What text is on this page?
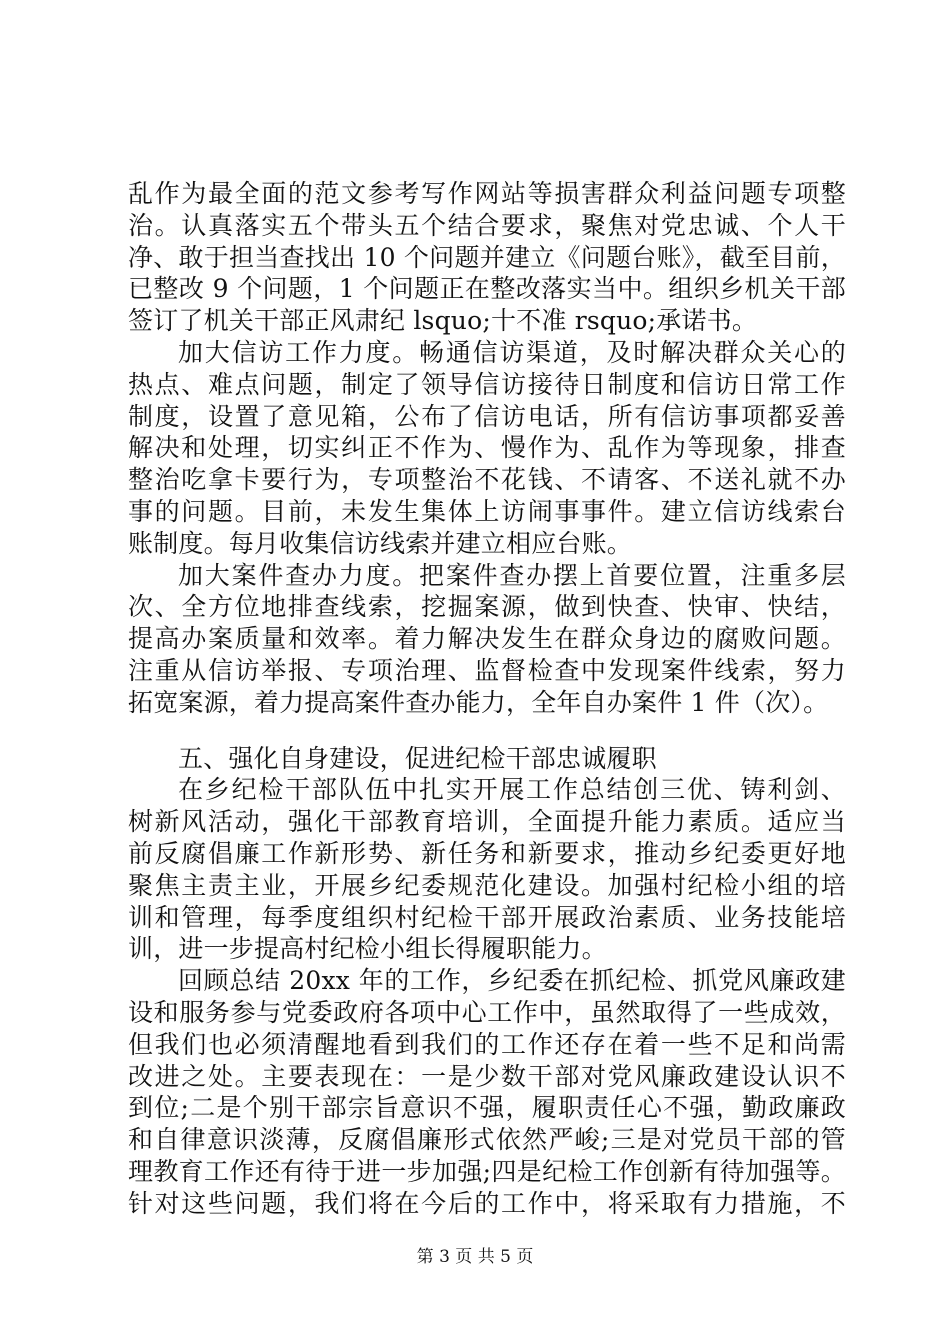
乱作为最全面的范文参考写作网站等损害群众利益问题专项整
治。认真落实五个带头五个结合要求，聚焦对党忠诚、个人干
净、敢于担当查找出 10 个问题并建立《问题台账》，截至目前，
已整改 9 个问题，1 个问题正在整改落实当中。组织乡机关干部
签订了机关干部正风肃纪 lsquo;十不准 rsquo;承诺书。
加大信访工作力度。畅通信访渠道，及时解决群众关心的
热点、难点问题，制定了领导信访接待日制度和信访日常工作
制度，设置了意见箱，公布了信访电话，所有信访事项都妥善
解决和处理，切实纠正不作为、慢作为、乱作为等现象，排查
整治吃拿卡要行为，专项整治不花钱、不请客、不送礼就不办
事的问题。目前，未发生集体上访闹事事件。建立信访线索台
账制度。每月收集信访线索并建立相应台账。
加大案件查办力度。把案件查办摆上首要位置，注重多层
次、全方位地排查线索，挖掘案源，做到快查、快审、快结，
提高办案质量和效率。着力解决发生在群众身边的腐败问题。
注重从信访举报、专项治理、监督检查中发现案件线索，努力
拓宽案源，着力提高案件查办能力，全年自办案件 1 件（次）。
五、强化自身建设，促进纪检干部忠诚履职
在乡纪检干部队伍中扎实开展工作总结创三优、铸利剑、
树新风活动，强化干部教育培训，全面提升能力素质。适应当
前反腐倡廉工作新形势、新任务和新要求，推动乡纪委更好地
聚焦主责主业，开展乡纪委规范化建设。加强村纪检小组的培
训和管理，每季度组织村纪检干部开展政治素质、业务技能培
训，进一步提高村纪检小组长得履职能力。
回顾总结 20xx 年的工作，乡纪委在抓纪检、抓党风廉政建
设和服务参与党委政府各项中心工作中，虽然取得了一些成效，
但我们也必须清醒地看到我们的工作还存在着一些不足和尚需
改进之处。主要表现在：一是少数干部对党风廉政建设认识不
到位;二是个别干部宗旨意识不强，履职责任心不强，勤政廉政
和自律意识淡薄，反腐倡廉形式依然严峻;三是对党员干部的管
理教育工作还有待于进一步加强;四是纪检工作创新有待加强等。
针对这些问题，我们将在今后的工作中，将采取有力措施，不
第 3 页 共 5 页
